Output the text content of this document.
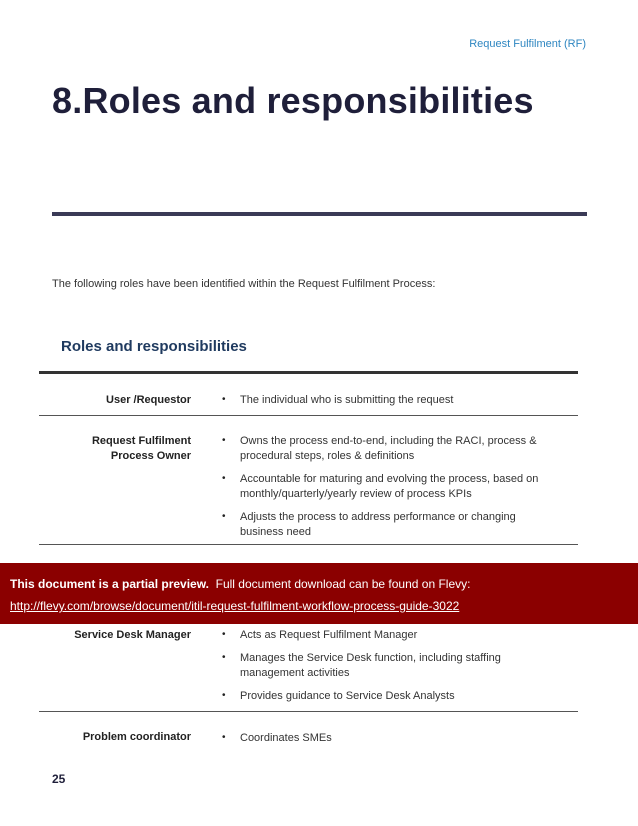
Request Fulfilment (RF)
8.Roles and responsibilities
The following roles have been identified within the Request Fulfilment Process:
Roles and responsibilities
User /Requestor	• The individual who is submitting the request
Request Fulfilment
Process Owner
• Owns the process end-to-end, including the RACI, process &
procedural steps, roles & definitions
• Accountable for maturing and evolving the process, based on
monthly/quarterly/yearly review of process KPIs
• Adjusts the process to address performance or changing
business need
This document is a partial preview. Full document download can be found on Flevy:
http://flevy.com/browse/document/itil-request-fulfilment-workflow-process-guide-3022
Service Desk Manager	• Acts as Request Fulfilment Manager
• Manages the Service Desk function, including staffing
management activities
• Provides guidance to Service Desk Analysts
Problem coordinator	• Coordinates SMEs
25
